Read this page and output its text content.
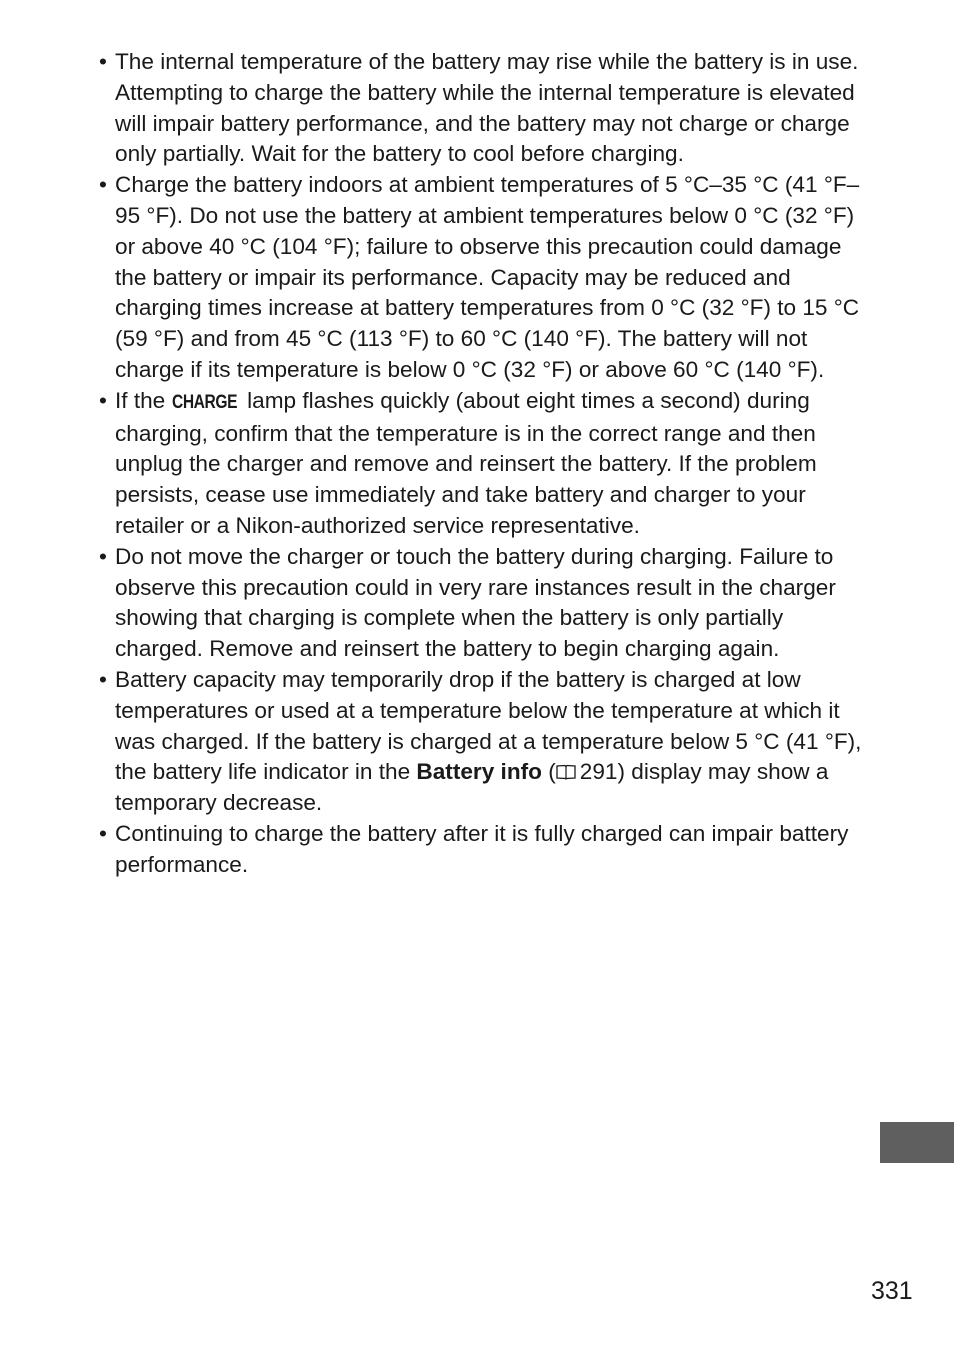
• The internal temperature of the battery may rise while the battery is in use. Attempting to charge the battery while the internal temperature is elevated will impair battery performance, and the battery may not charge or charge only partially. Wait for the battery to cool before charging.
• Charge the battery indoors at ambient temperatures of 5 °C–35 °C (41 °F–95 °F). Do not use the battery at ambient temperatures below 0 °C (32 °F) or above 40 °C (104 °F); failure to observe this precaution could damage the battery or impair its performance. Capacity may be reduced and charging times increase at battery temperatures from 0 °C (32 °F) to 15 °C (59 °F) and from 45 °C (113 °F) to 60 °C (140 °F). The battery will not charge if its temperature is below 0 °C (32 °F) or above 60 °C (140 °F).
• If the CHARGE lamp flashes quickly (about eight times a second) during charging, confirm that the temperature is in the correct range and then unplug the charger and remove and reinsert the battery. If the problem persists, cease use immediately and take battery and charger to your retailer or a Nikon-authorized service representative.
• Do not move the charger or touch the battery during charging. Failure to observe this precaution could in very rare instances result in the charger showing that charging is complete when the battery is only partially charged. Remove and reinsert the battery to begin charging again.
• Battery capacity may temporarily drop if the battery is charged at low temperatures or used at a temperature below the temperature at which it was charged. If the battery is charged at a temperature below 5 °C (41 °F), the battery life indicator in the Battery info ( 291) display may show a temporary decrease.
• Continuing to charge the battery after it is fully charged can impair battery performance.
331
